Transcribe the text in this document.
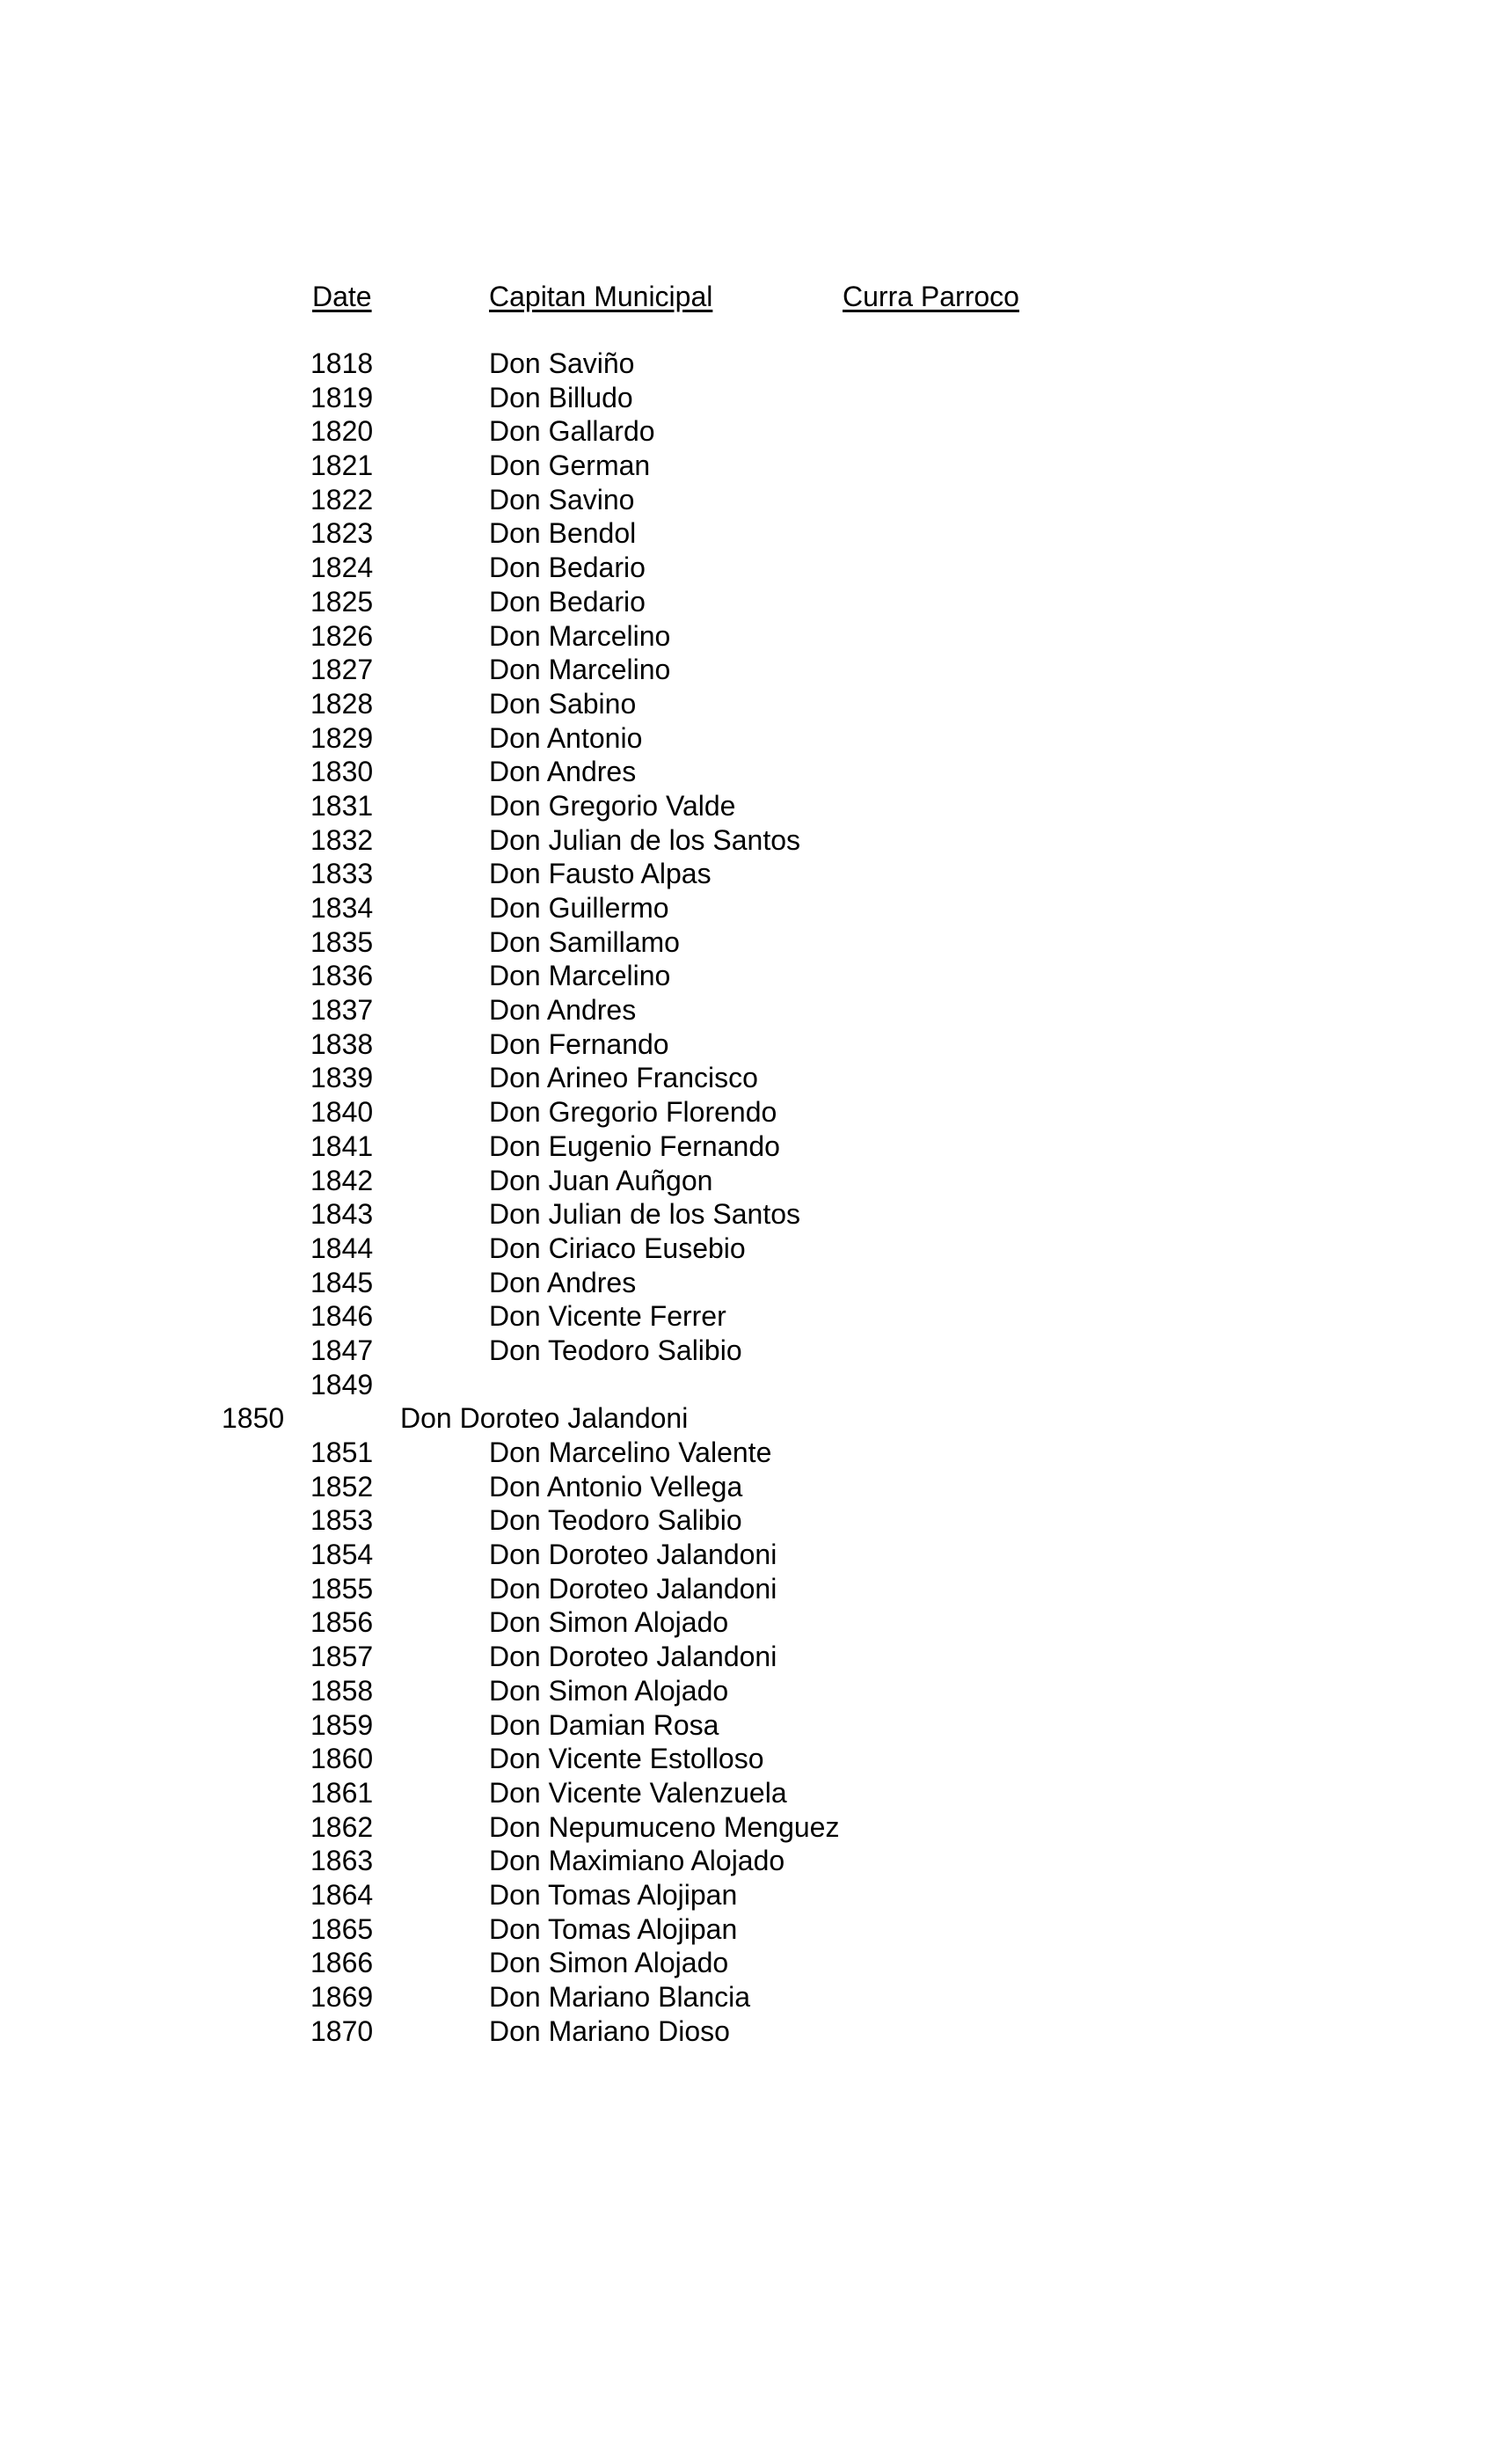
Date	Capitan Municipal	Curra Parroco
1818	Don Saviño
1819	Don Billudo
1820	Don Gallardo
1821	Don German
1822	Don Savino
1823	Don Bendol
1824	Don Bedario
1825	Don Bedario
1826	Don Marcelino
1827	Don Marcelino
1828	Don Sabino
1829	Don Antonio
1830	Don Andres
1831	Don Gregorio Valde
1832	Don Julian de los Santos
1833	Don Fausto Alpas
1834	Don Guillermo
1835	Don Samillamo
1836	Don Marcelino
1837	Don Andres
1838	Don Fernando
1839	Don Arineo Francisco
1840	Don Gregorio Florendo
1841	Don Eugenio Fernando
1842	Don Juan Auñgon
1843	Don Julian de los Santos
1844	Don Ciriaco Eusebio
1845	Don Andres
1846	Don Vicente Ferrer
1847	Don Teodoro Salibio
1849
1850	Don Doroteo Jalandoni
1851	Don Marcelino Valente
1852	Don Antonio Vellega
1853	Don Teodoro Salibio
1854	Don Doroteo Jalandoni
1855	Don Doroteo Jalandoni
1856	Don Simon Alojado
1857	Don Doroteo Jalandoni
1858	Don Simon Alojado
1859	Don Damian Rosa
1860	Don Vicente Estolloso
1861	Don Vicente Valenzuela
1862	Don Nepumuceno Menguez
1863	Don Maximiano Alojado
1864	Don Tomas Alojipan
1865	Don Tomas Alojipan
1866	Don Simon Alojado
1869	Don Mariano Blancia
1870	Don Mariano Dioso
